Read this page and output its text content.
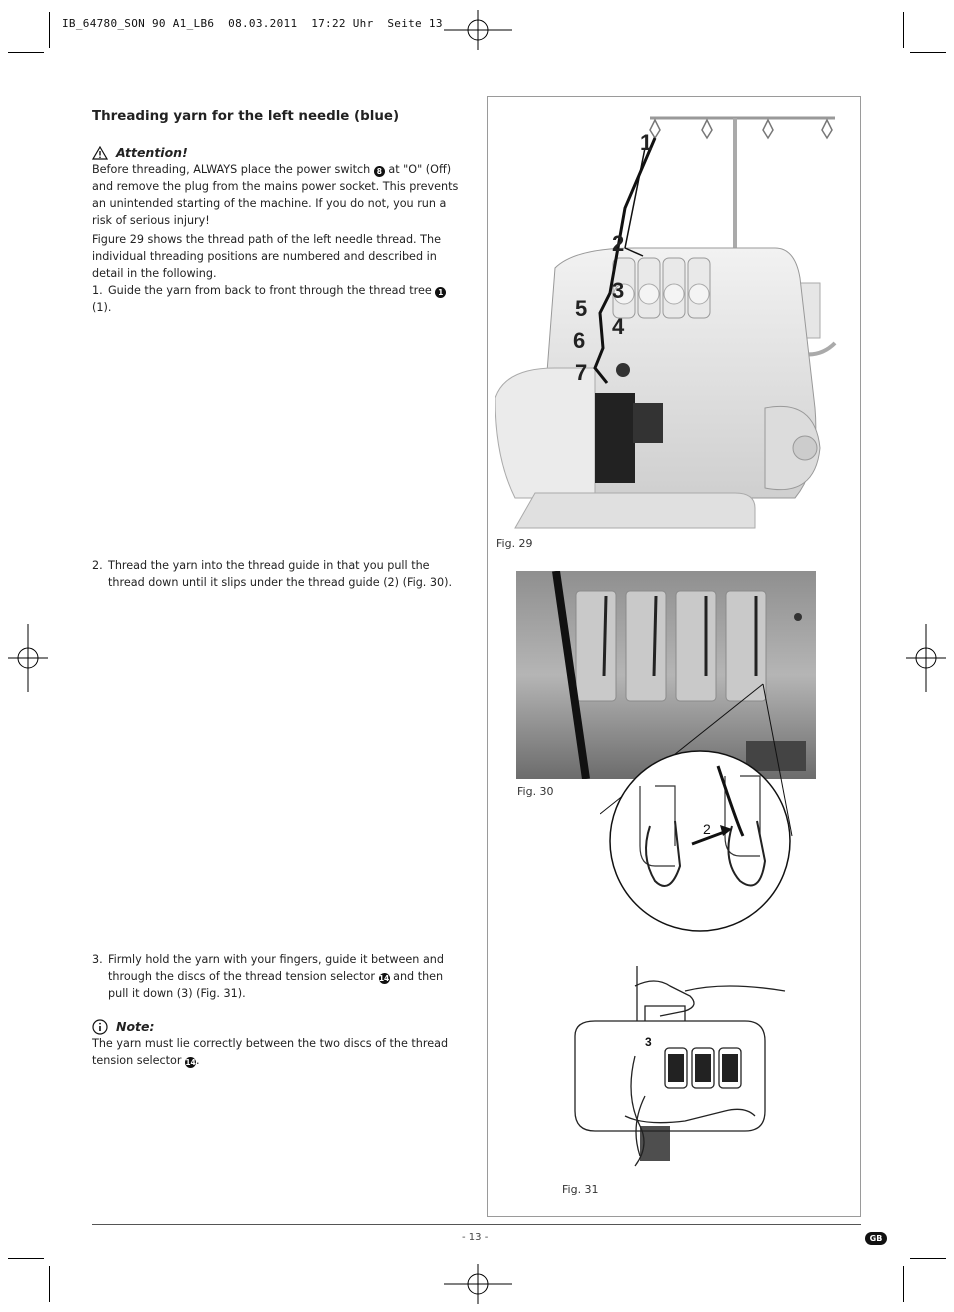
IB_64780_SON 90 A1_LB6  08.03.2011  17:22 Uhr  Seite 13
Threading yarn for the left needle (blue)
Attention!
Before threading, ALWAYS place the power switch 8 at "O" (Off) and remove the plug from the mains power socket. This prevents an unintended starting of the machine. If you do not, you run a risk of serious injury!
Figure 29 shows the thread path of the left needle thread. The individual threading positions are numbered and described in detail in the following.
1. Guide the yarn from back to front through the thread tree 1 (1).
2. Thread the yarn into the thread guide in that you pull the thread down until it slips under the thread guide (2) (Fig. 30).
3. Firmly hold the yarn with your fingers, guide it between and through the discs of the thread tension selector 14 and then pull it down (3) (Fig. 31).
Note:
The yarn must lie correctly between the two discs of the thread tension selector 14.
1
2
3
4
5
6
7
Fig. 29
2
Fig. 30
3
Fig. 31
- 13 -	GB
